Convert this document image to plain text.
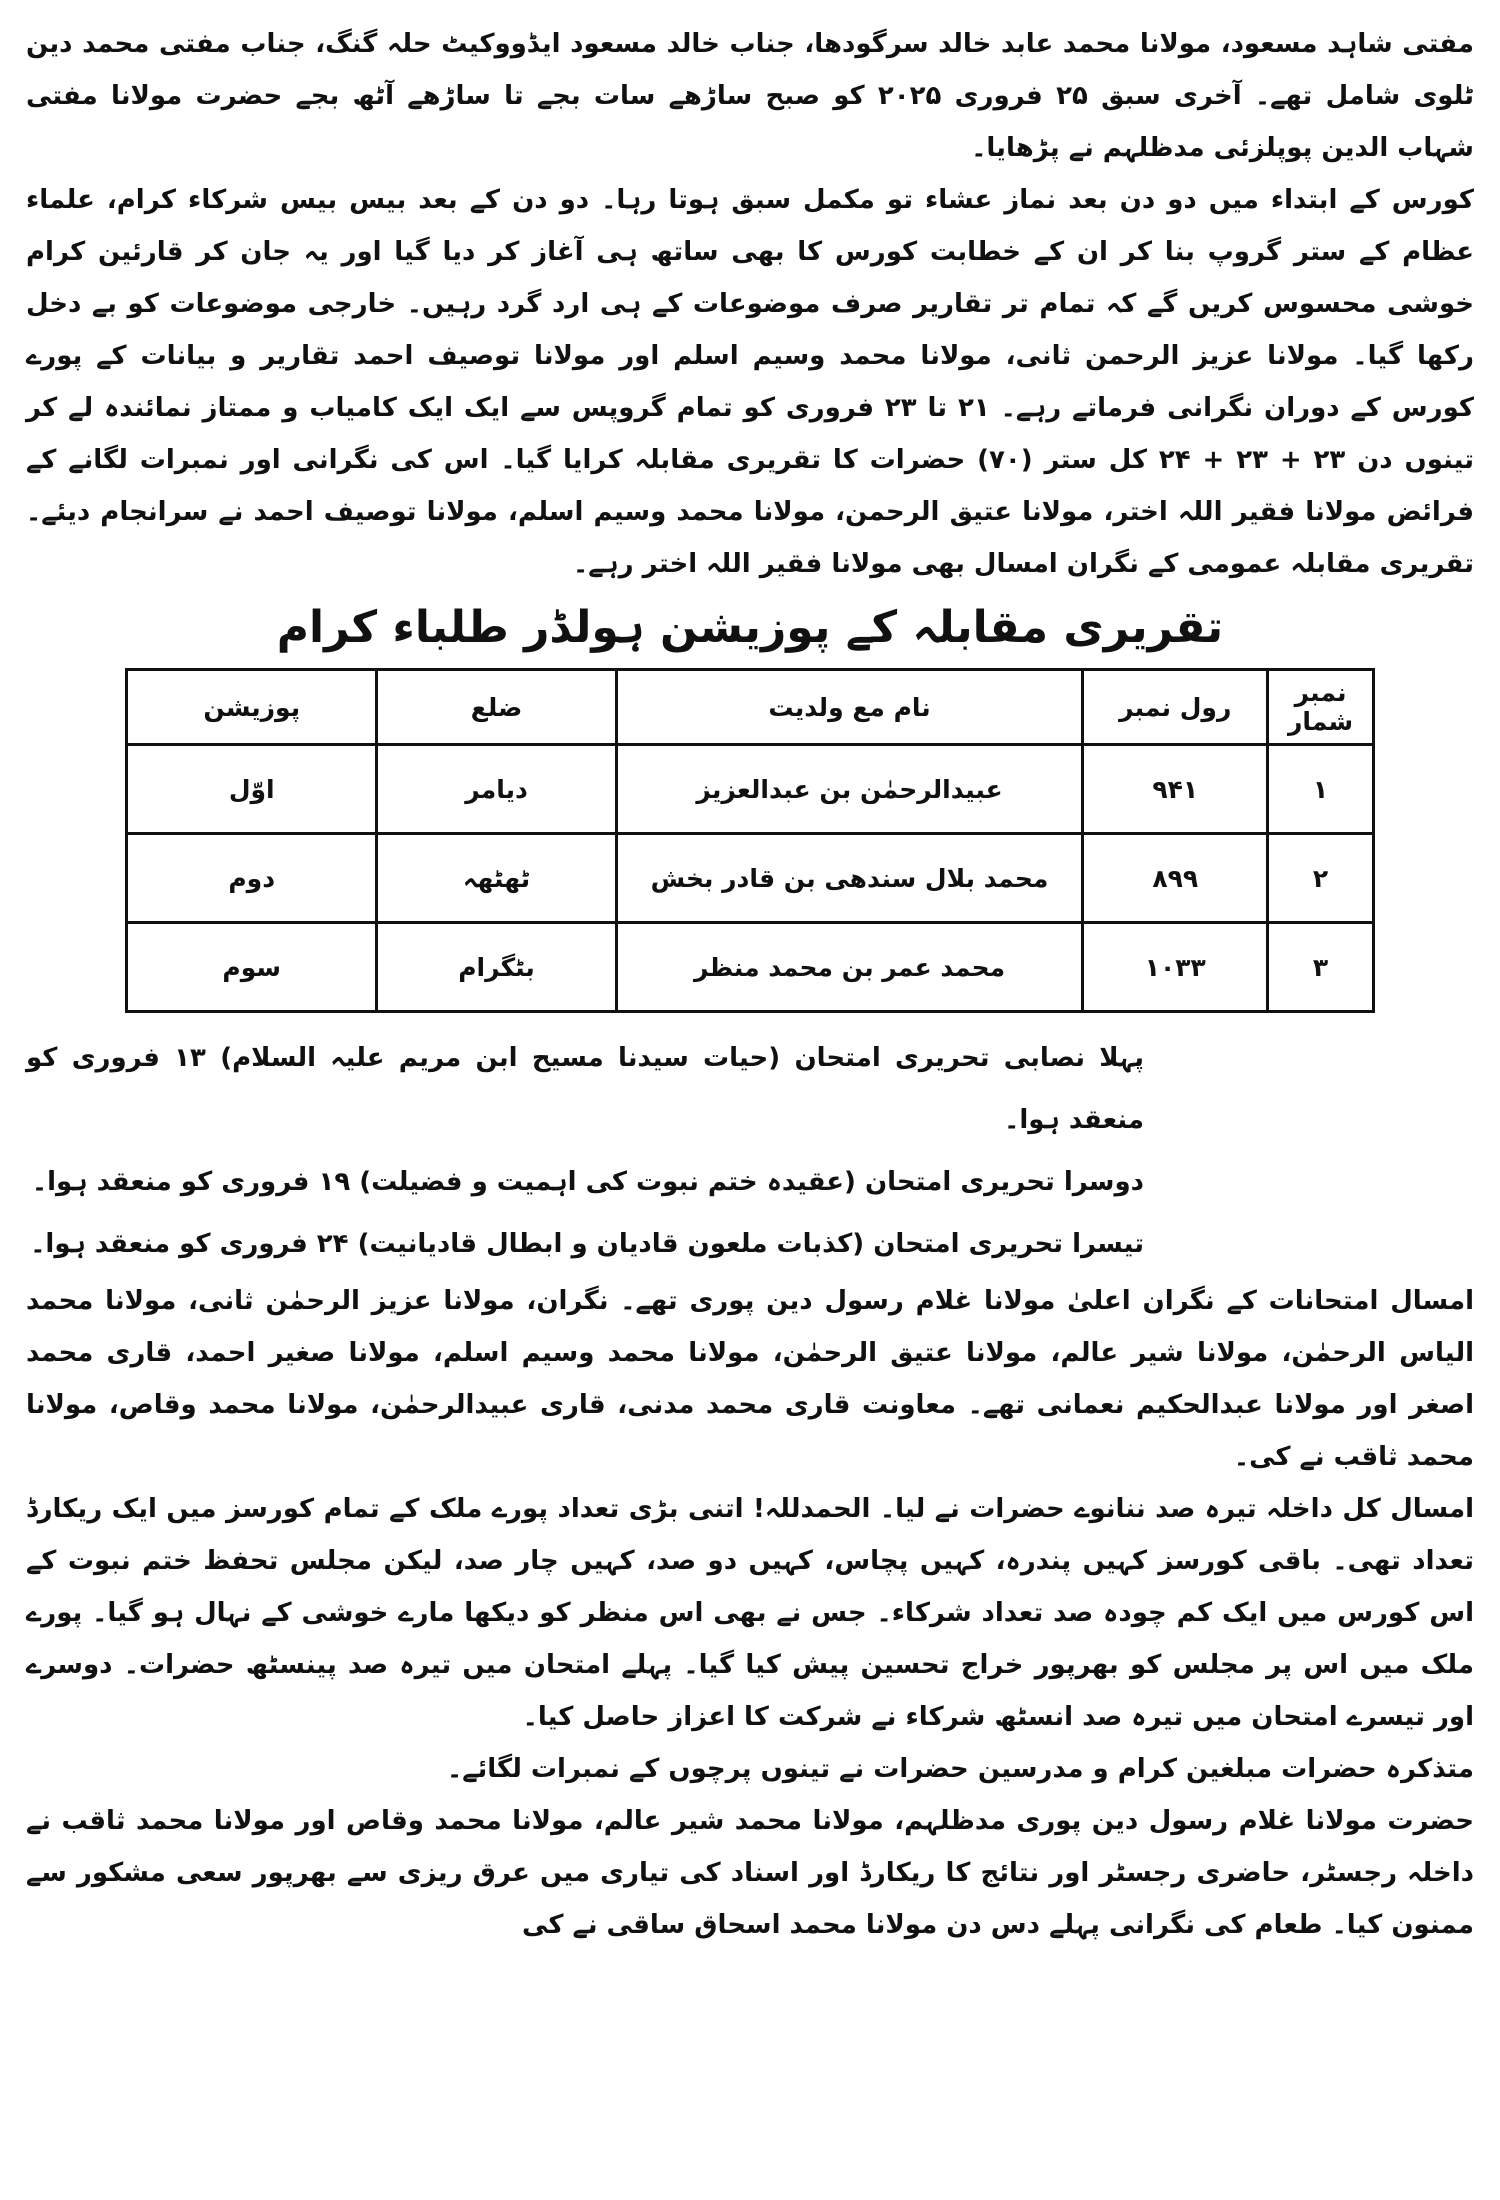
مفتی شاہد مسعود، مولانا محمد عابد خالد سرگودھا، جناب خالد مسعود ایڈووکیٹ حلہ گنگ، جناب مفتی محمد دین ٹلوی شامل تھے۔ آخری سبق ۲۵ فروری ۲۰۲۵ کو صبح ساڑھے سات بجے تا ساڑھے آٹھ بجے حضرت مولانا مفتی شہاب الدین پوپلزئی مدظلہم نے پڑھایا۔

کورس کے ابتداء میں دو دن بعد نماز عشاء تو مکمل سبق ہوتا رہا۔ دو دن کے بعد بیس بیس شرکاء کرام، علماء عظام کے ستر گروپ بنا کر ان کے خطابت کورس کا بھی ساتھ ہی آغاز کر دیا گیا اور یہ جان کر قارئین کرام خوشی محسوس کریں گے کہ تمام تر تقاریر صرف موضوعات کے ہی ارد گرد رہیں۔ خارجی موضوعات کو بے دخل رکھا گیا۔ مولانا عزیز الرحمن ثانی، مولانا محمد وسیم اسلم اور مولانا توصیف احمد تقاریر و بیانات کے پورے کورس کے دوران نگرانی فرماتے رہے۔ ۲۱ تا ۲۳ فروری کو تمام گروپس سے ایک ایک کامیاب و ممتاز نمائندہ لے کر تینوں دن ۲۳ + ۲۳ + ۲۴ کل ستر (۷۰) حضرات کا تقریری مقابلہ کرایا گیا۔ اس کی نگرانی اور نمبرات لگانے کے فرائض مولانا فقیر اللہ اختر، مولانا عتیق الرحمن، مولانا محمد وسیم اسلم، مولانا توصیف احمد نے سرانجام دیئے۔ تقریری مقابلہ عمومی کے نگران امسال بھی مولانا فقیر اللہ اختر رہے۔

تقریری مقابلہ کے پوزیشن ہولڈر طلباء کرام
نمبر شمار	رول نمبر	نام مع ولدیت	ضلع	پوزیشن
۱	۹۴۱	عبیدالرحمٰن بن عبدالعزیز	دیامر	اوّل
۲	۸۹۹	محمد بلال سندھی بن قادر بخش	ٹھٹھہ	دوم
۳	۱۰۳۳	محمد عمر بن محمد منظر	بٹگرام	سوم

پہلا نصابی تحریری امتحان (حیات سیدنا مسیح ابن مریم علیہ السلام) ۱۳ فروری کو منعقد ہوا۔

دوسرا تحریری امتحان (عقیدہ ختم نبوت کی اہمیت و فضیلت) ۱۹ فروری کو منعقد ہوا۔

تیسرا تحریری امتحان (کذبات ملعون قادیان و ابطال قادیانیت) ۲۴ فروری کو منعقد ہوا۔

امسال امتحانات کے نگران اعلیٰ مولانا غلام رسول دین پوری تھے۔ نگران، مولانا عزیز الرحمٰن ثانی، مولانا محمد الیاس الرحمٰن، مولانا شیر عالم، مولانا عتیق الرحمٰن، مولانا محمد وسیم اسلم، مولانا صغیر احمد، قاری محمد اصغر اور مولانا عبدالحکیم نعمانی تھے۔ معاونت قاری محمد مدنی، قاری عبیدالرحمٰن، مولانا محمد وقاص، مولانا محمد ثاقب نے کی۔

امسال کل داخلہ تیرہ صد ننانوے حضرات نے لیا۔ الحمدللہ! اتنی بڑی تعداد پورے ملک کے تمام کورسز میں ایک ریکارڈ تعداد تھی۔ باقی کورسز کہیں پندرہ، کہیں پچاس، کہیں دو صد، کہیں چار صد، لیکن مجلس تحفظ ختم نبوت کے اس کورس میں ایک کم چودہ صد تعداد شرکاء۔ جس نے بھی اس منظر کو دیکھا مارے خوشی کے نہال ہو گیا۔ پورے ملک میں اس پر مجلس کو بھرپور خراج تحسین پیش کیا گیا۔ پہلے امتحان میں تیرہ صد پینسٹھ حضرات۔ دوسرے اور تیسرے امتحان میں تیرہ صد انسٹھ شرکاء نے شرکت کا اعزاز حاصل کیا۔

متذکرہ حضرات مبلغین کرام و مدرسین حضرات نے تینوں پرچوں کے نمبرات لگائے۔

حضرت مولانا غلام رسول دین پوری مدظلہم، مولانا محمد شیر عالم، مولانا محمد وقاص اور مولانا محمد ثاقب نے داخلہ رجسٹر، حاضری رجسٹر اور نتائج کا ریکارڈ اور اسناد کی تیاری میں عرق ریزی سے بھرپور سعی مشکور سے ممنون کیا۔ طعام کی نگرانی پہلے دس دن مولانا محمد اسحاق ساقی نے کی
